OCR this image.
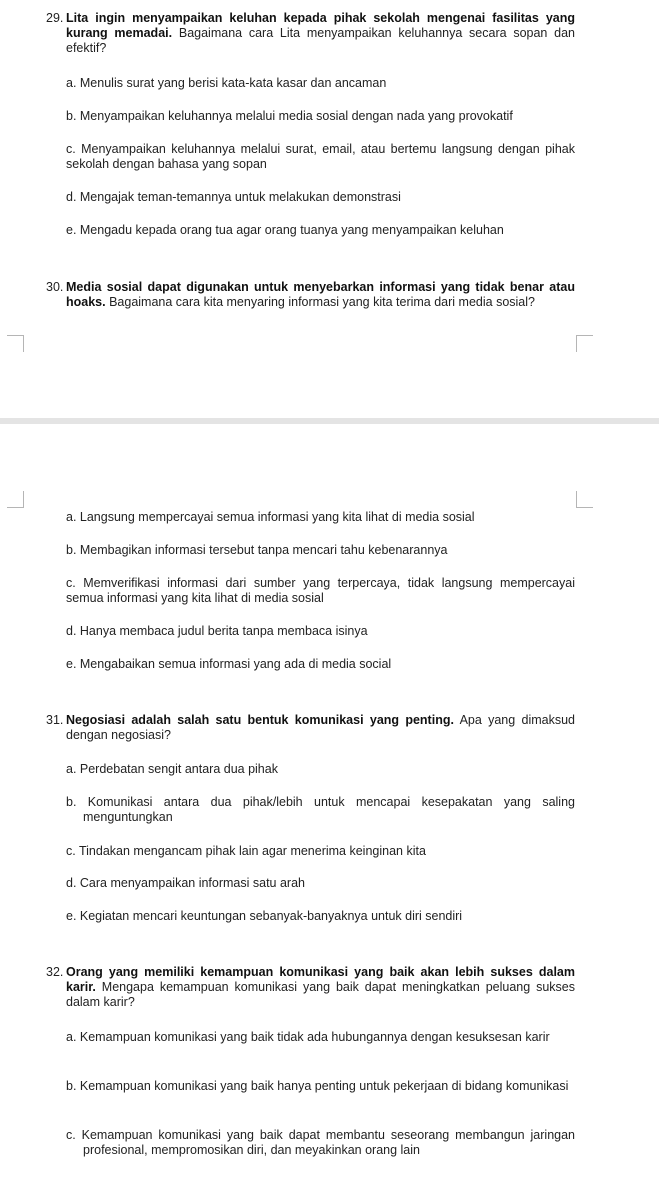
29. Lita ingin menyampaikan keluhan kepada pihak sekolah mengenai fasilitas yang kurang memadai. Bagaimana cara Lita menyampaikan keluhannya secara sopan dan efektif?
a. Menulis surat yang berisi kata-kata kasar dan ancaman
b. Menyampaikan keluhannya melalui media sosial dengan nada yang provokatif
c. Menyampaikan keluhannya melalui surat, email, atau bertemu langsung dengan pihak sekolah dengan bahasa yang sopan
d. Mengajak teman-temannya untuk melakukan demonstrasi
e. Mengadu kepada orang tua agar orang tuanya yang menyampaikan keluhan
30. Media sosial dapat digunakan untuk menyebarkan informasi yang tidak benar atau hoaks. Bagaimana cara kita menyaring informasi yang kita terima dari media sosial?
a. Langsung mempercayai semua informasi yang kita lihat di media sosial
b. Membagikan informasi tersebut tanpa mencari tahu kebenarannya
c. Memverifikasi informasi dari sumber yang terpercaya, tidak langsung mempercayai semua informasi yang kita lihat di media sosial
d. Hanya membaca judul berita tanpa membaca isinya
e. Mengabaikan semua informasi yang ada di media social
31. Negosiasi adalah salah satu bentuk komunikasi yang penting. Apa yang dimaksud dengan negosiasi?
a. Perdebatan sengit antara dua pihak
b. Komunikasi antara dua pihak/lebih untuk mencapai kesepakatan yang saling menguntungkan
c. Tindakan mengancam pihak lain agar menerima keinginan kita
d. Cara menyampaikan informasi satu arah
e. Kegiatan mencari keuntungan sebanyak-banyaknya untuk diri sendiri
32. Orang yang memiliki kemampuan komunikasi yang baik akan lebih sukses dalam karir. Mengapa kemampuan komunikasi yang baik dapat meningkatkan peluang sukses dalam karir?
a. Kemampuan komunikasi yang baik tidak ada hubungannya dengan kesuksesan karir
b. Kemampuan komunikasi yang baik hanya penting untuk pekerjaan di bidang komunikasi
c. Kemampuan komunikasi yang baik dapat membantu seseorang membangun jaringan profesional, mempromosikan diri, dan meyakinkan orang lain
